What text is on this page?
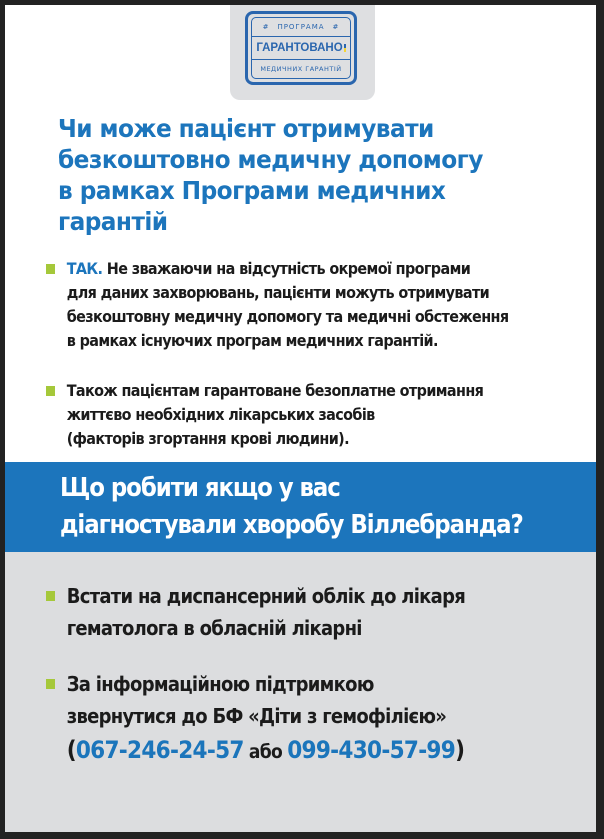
# ПРОГРАМА #
ГАРАНТОВАНО
МЕДИЧНИХ ГАРАНТІЙ
Чи може пацієнт отримувати
безкоштовно медичну допомогу
в рамках Програми медичних
гарантій
ТАК. Не зважаючи на відсутність окремої програми
для даних захворювань, пацієнти можуть отримувати
безкоштовну медичну допомогу та медичні обстеження
в рамках існуючих програм медичних гарантій.
Також пацієнтам гарантоване безоплатне отримання
життєво необхідних лікарських засобів
(факторів згортання крові людини).
Що робити якщо у вас
діагностували хворобу Віллебранда?
Встати на диспансерний облік до лікаря
гематолога в обласній лікарні
За інформаційною підтримкою
звернутися до БФ «Діти з гемофілією»
(067-246-24-57 або 099-430-57-99)
